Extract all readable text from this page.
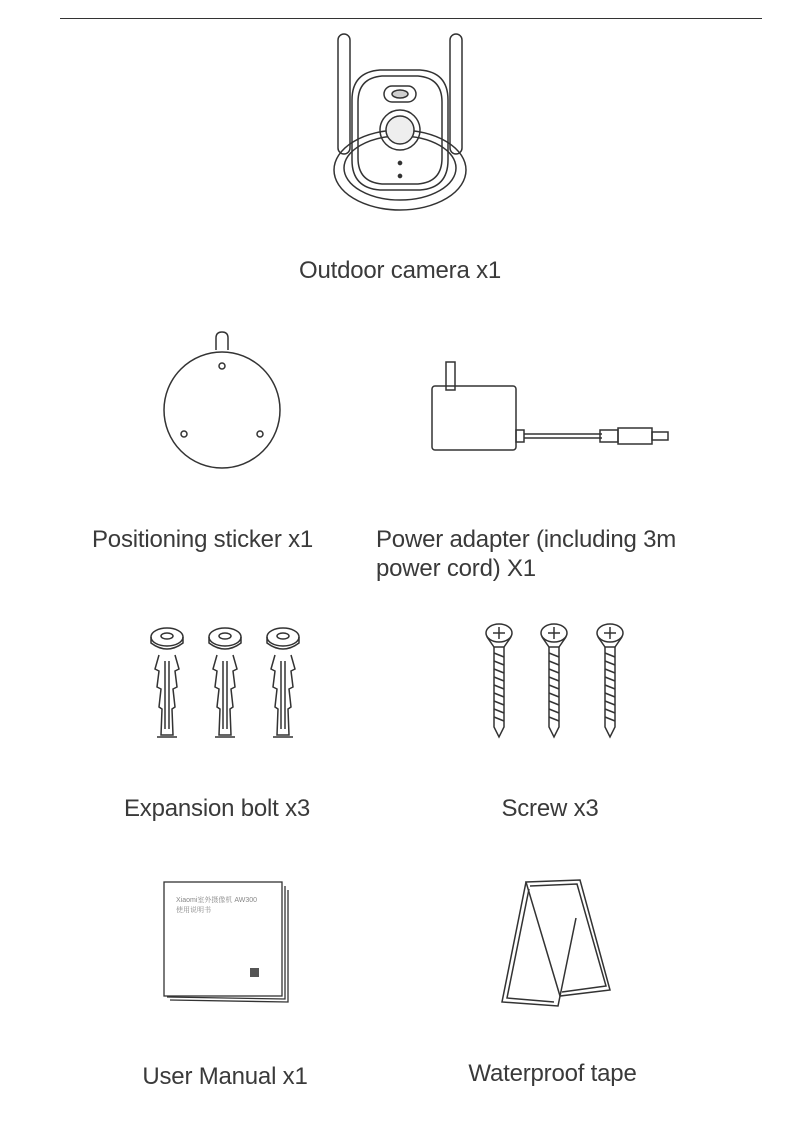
Outdoor camera x1
Positioning sticker x1	Power adapter (including 3m
power cord) X1
Expansion bolt x3	Screw x3
Xiaomi室外摄像机 AW300
使用说明书
User Manual x1	Waterproof tape
